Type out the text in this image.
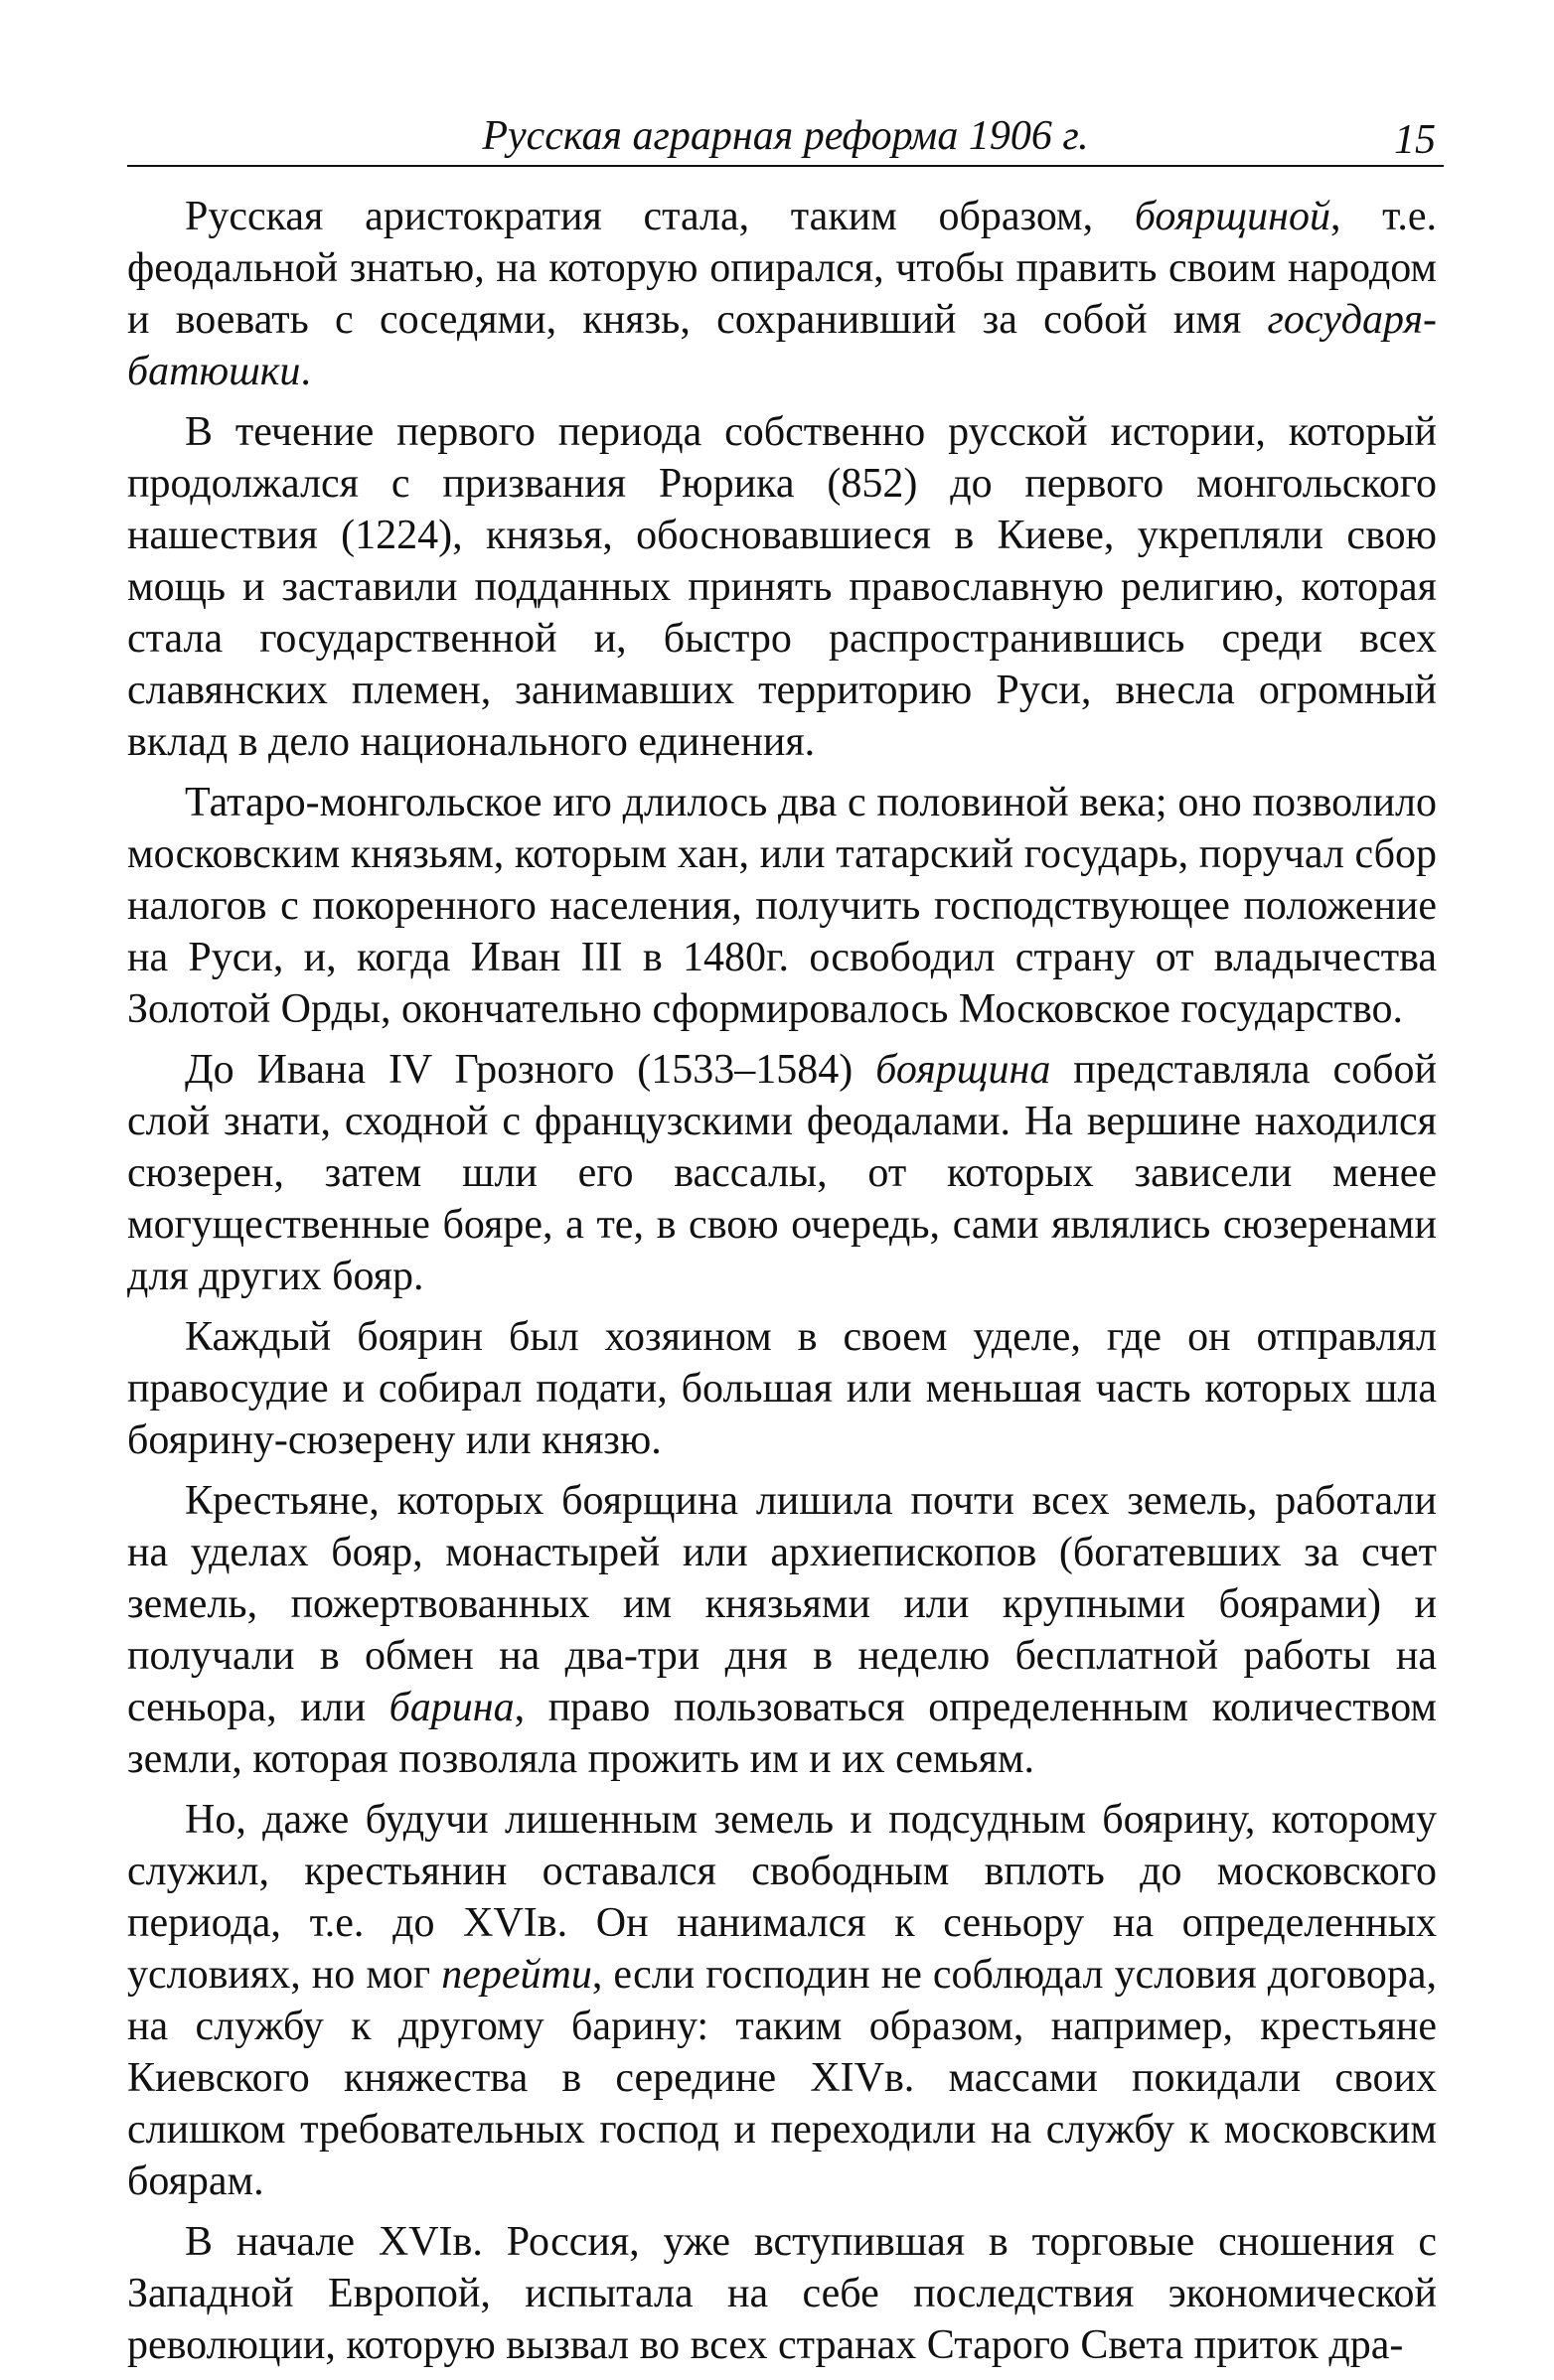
Русская аграрная реформа 1906 г.	15

Русская аристократия стала, таким образом, боярщиной, т.е. феодальной знатью, на которую опирался, чтобы править своим народом и воевать с соседями, князь, сохранивший за собой имя государя-батюшки.

В течение первого периода собственно русской истории, который продолжался с призвания Рюрика (852) до первого монгольского нашествия (1224), князья, обосновавшиеся в Киеве, укрепляли свою мощь и заставили подданных принять православную религию, которая стала государственной и, быстро распространившись среди всех славянских племен, занимавших территорию Руси, внесла огромный вклад в дело национального единения.

Татаро-монгольское иго длилось два с половиной века; оно позволило московским князьям, которым хан, или татарский государь, поручал сбор налогов с покоренного населения, получить господствующее положение на Руси, и, когда Иван III в 1480г. освободил страну от владычества Золотой Орды, окончательно сформировалось Московское государство.

До Ивана IV Грозного (1533–1584) боярщина представляла собой слой знати, сходной с французскими феодалами. На вершине находился сюзерен, затем шли его вассалы, от которых зависели менее могущественные бояре, а те, в свою очередь, сами являлись сюзеренами для других бояр.

Каждый боярин был хозяином в своем уделе, где он отправлял правосудие и собирал подати, большая или меньшая часть которых шла боярину-сюзерену или князю.

Крестьяне, которых боярщина лишила почти всех земель, работали на уделах бояр, монастырей или архиепископов (богатевших за счет земель, пожертвованных им князьями или крупными боярами) и получали в обмен на два-три дня в неделю бесплатной работы на сеньора, или барина, право пользоваться определенным количеством земли, которая позволяла прожить им и их семьям.

Но, даже будучи лишенным земель и подсудным боярину, которому служил, крестьянин оставался свободным вплоть до московского периода, т.е. до XVIв. Он нанимался к сеньору на определенных условиях, но мог перейти, если господин не соблюдал условия договора, на службу к другому барину: таким образом, например, крестьяне Киевского княжества в середине XIVв. массами покидали своих слишком требовательных господ и переходили на службу к московским боярам.

В начале XVIв. Россия, уже вступившая в торговые сношения с Западной Европой, испытала на себе последствия экономической революции, которую вызвал во всех странах Старого Света приток дра-
